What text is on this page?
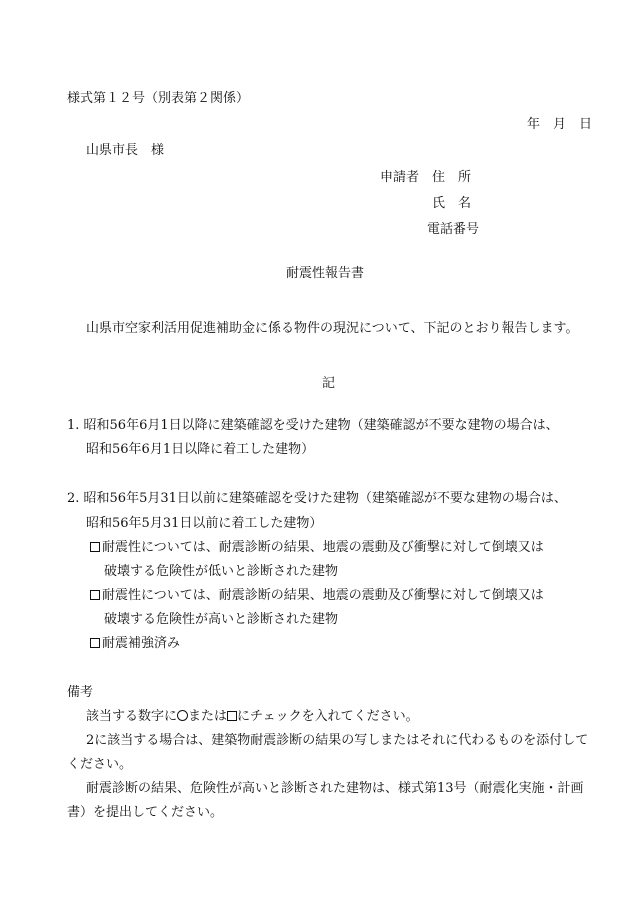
様式第１２号（別表第２関係）
年　月　日
山県市長　様
申請者 住　所
氏　名
電話番号
耐震性報告書
山県市空家利活用促進補助金に係る物件の現況について、下記のとおり報告します。
記
1. 昭和56年6月1日以降に建築確認を受けた建物（建築確認が不要な建物の場合は、
昭和56年6月1日以降に着工した建物）
2. 昭和56年5月31日以前に建築確認を受けた建物（建築確認が不要な建物の場合は、
昭和56年5月31日以前に着工した建物）
耐震性については、耐震診断の結果、地震の震動及び衝撃に対して倒壊又は
破壊する危険性が低いと診断された建物
耐震性については、耐震診断の結果、地震の震動及び衝撃に対して倒壊又は
破壊する危険性が高いと診断された建物
耐震補強済み
備考
該当する数字に○または にチェックを入れてください。
2に該当する場合は、建築物耐震診断の結果の写しまたはそれに代わるものを添付して
ください。
耐震診断の結果、危険性が高いと診断された建物は、様式第13号（耐震化実施・計画
書）を提出してください。
